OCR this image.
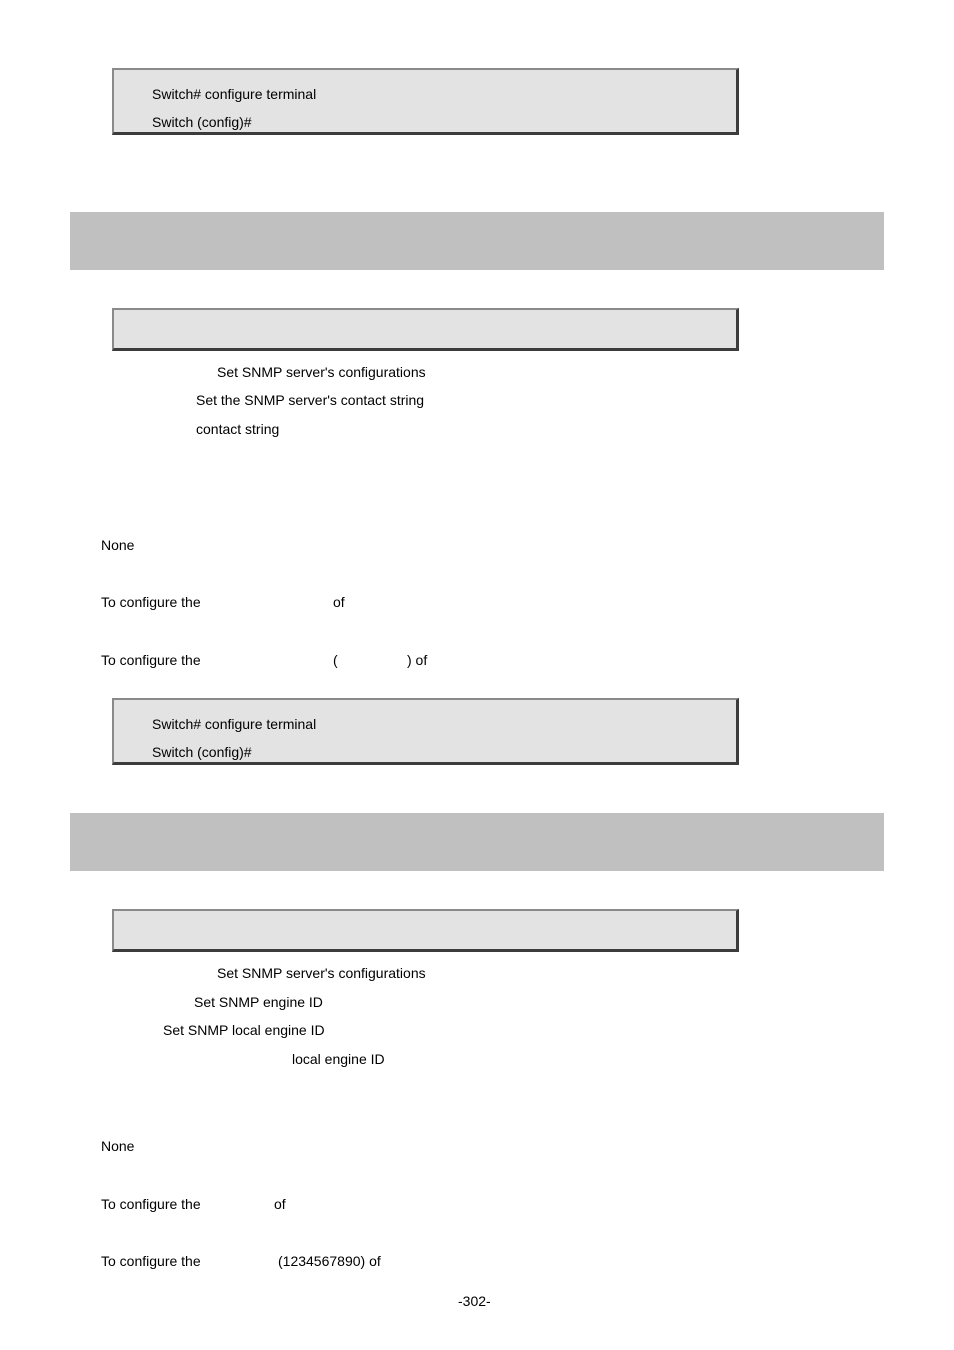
Switch# configure terminal
Switch (config)#
Set SNMP server's configurations
Set the SNMP server's contact string
contact string
None
To configure the	of
To configure the	(	) of
Switch# configure terminal
Switch (config)#
Set SNMP server's configurations
Set SNMP engine ID
Set SNMP local engine ID
local engine ID
None
To configure the	of
To configure the	(1234567890) of
-302-
